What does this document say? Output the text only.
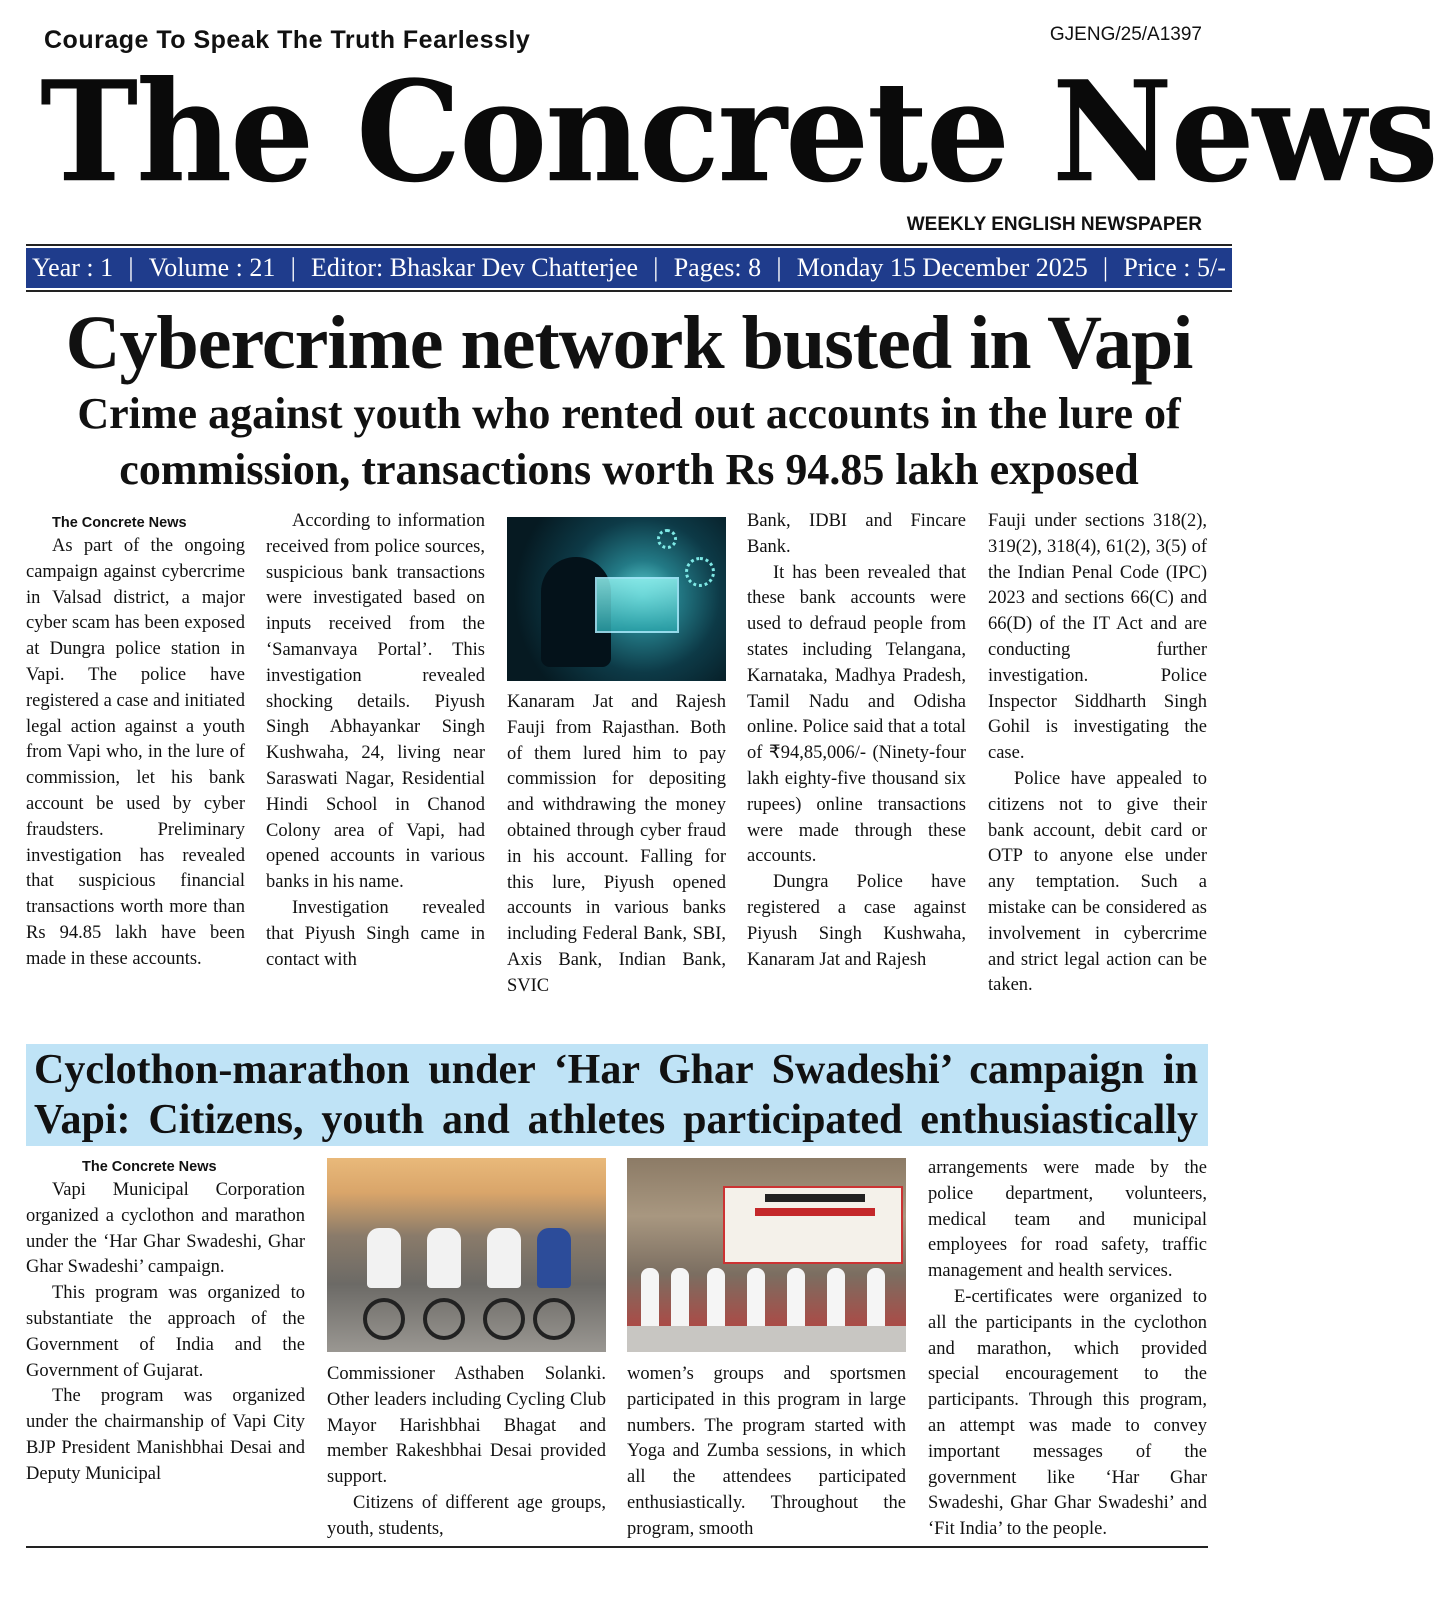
Courage To Speak The Truth Fearlessly	GJENG/25/A1397
The Concrete News
WEEKLY ENGLISH NEWSPAPER
Year : 1 | Volume : 21 | Editor: Bhaskar Dev Chatterjee | Pages: 8 | Monday 15 December 2025 | Price : 5/-
Cybercrime network busted in Vapi
Crime against youth who rented out accounts in the lure of commission, transactions worth Rs 94.85 lakh exposed
The Concrete News

As part of the ongoing campaign against cybercrime in Valsad district, a major cyber scam has been exposed at Dungra police station in Vapi. The police have registered a case and initiated legal action against a youth from Vapi who, in the lure of commission, let his bank account be used by cyber fraudsters. Preliminary investigation has revealed that suspicious financial transactions worth more than Rs 94.85 lakh have been made in these accounts.

According to information received from police sources, suspicious bank transactions were investigated based on inputs received from the ‘Samanvaya Portal’. This investigation revealed shocking details. Piyush Singh Abhayankar Singh Kushwaha, 24, living near Saraswati Nagar, Residential Hindi School in Chanod Colony area of Vapi, had opened accounts in various banks in his name.

Investigation revealed that Piyush Singh came in contact with

Kanaram Jat and Rajesh Fauji from Rajasthan. Both of them lured him to pay commission for depositing and withdrawing the money obtained through cyber fraud in his account. Falling for this lure, Piyush opened accounts in various banks including Federal Bank, SBI, Axis Bank, Indian Bank, SVIC

Bank, IDBI and Fincare Bank.

It has been revealed that these bank accounts were used to defraud people from states including Telangana, Karnataka, Madhya Pradesh, Tamil Nadu and Odisha online. Police said that a total of ₹94,85,006/- (Ninety-four lakh eighty-five thousand six rupees) online transactions were made through these accounts.

Dungra Police have registered a case against Piyush Singh Kushwaha, Kanaram Jat and Rajesh

Fauji under sections 318(2), 319(2), 318(4), 61(2), 3(5) of the Indian Penal Code (IPC) 2023 and sections 66(C) and 66(D) of the IT Act and are conducting further investigation. Police Inspector Siddharth Singh Gohil is investigating the case.

Police have appealed to citizens not to give their bank account, debit card or OTP to anyone else under any temptation. Such a mistake can be considered as involvement in cybercrime and strict legal action can be taken.

Cyclothon-marathon under ‘Har Ghar Swadeshi’ campaign in Vapi: Citizens, youth and athletes participated enthusiastically
The Concrete News

Vapi Municipal Corporation organized a cyclothon and marathon under the ‘Har Ghar Swadeshi, Ghar Ghar Swadeshi’ campaign.

This program was organized to substantiate the approach of the Government of India and the Government of Gujarat.

The program was organized under the chairmanship of Vapi City BJP President Manishbhai Desai and Deputy Municipal

Commissioner Asthaben Solanki. Other leaders including Cycling Club Mayor Harishbhai Bhagat and member Rakeshbhai Desai provided support.

Citizens of different age groups, youth, students,

women’s groups and sportsmen participated in this program in large numbers. The program started with Yoga and Zumba sessions, in which all the attendees participated enthusiastically. Throughout the program, smooth

arrangements were made by the police department, volunteers, medical team and municipal employees for road safety, traffic management and health services.

E-certificates were organized to all the participants in the cyclothon and marathon, which provided special encouragement to the participants. Through this program, an attempt was made to convey important messages of the government like ‘Har Ghar Swadeshi, Ghar Ghar Swadeshi’ and ‘Fit India’ to the people.
